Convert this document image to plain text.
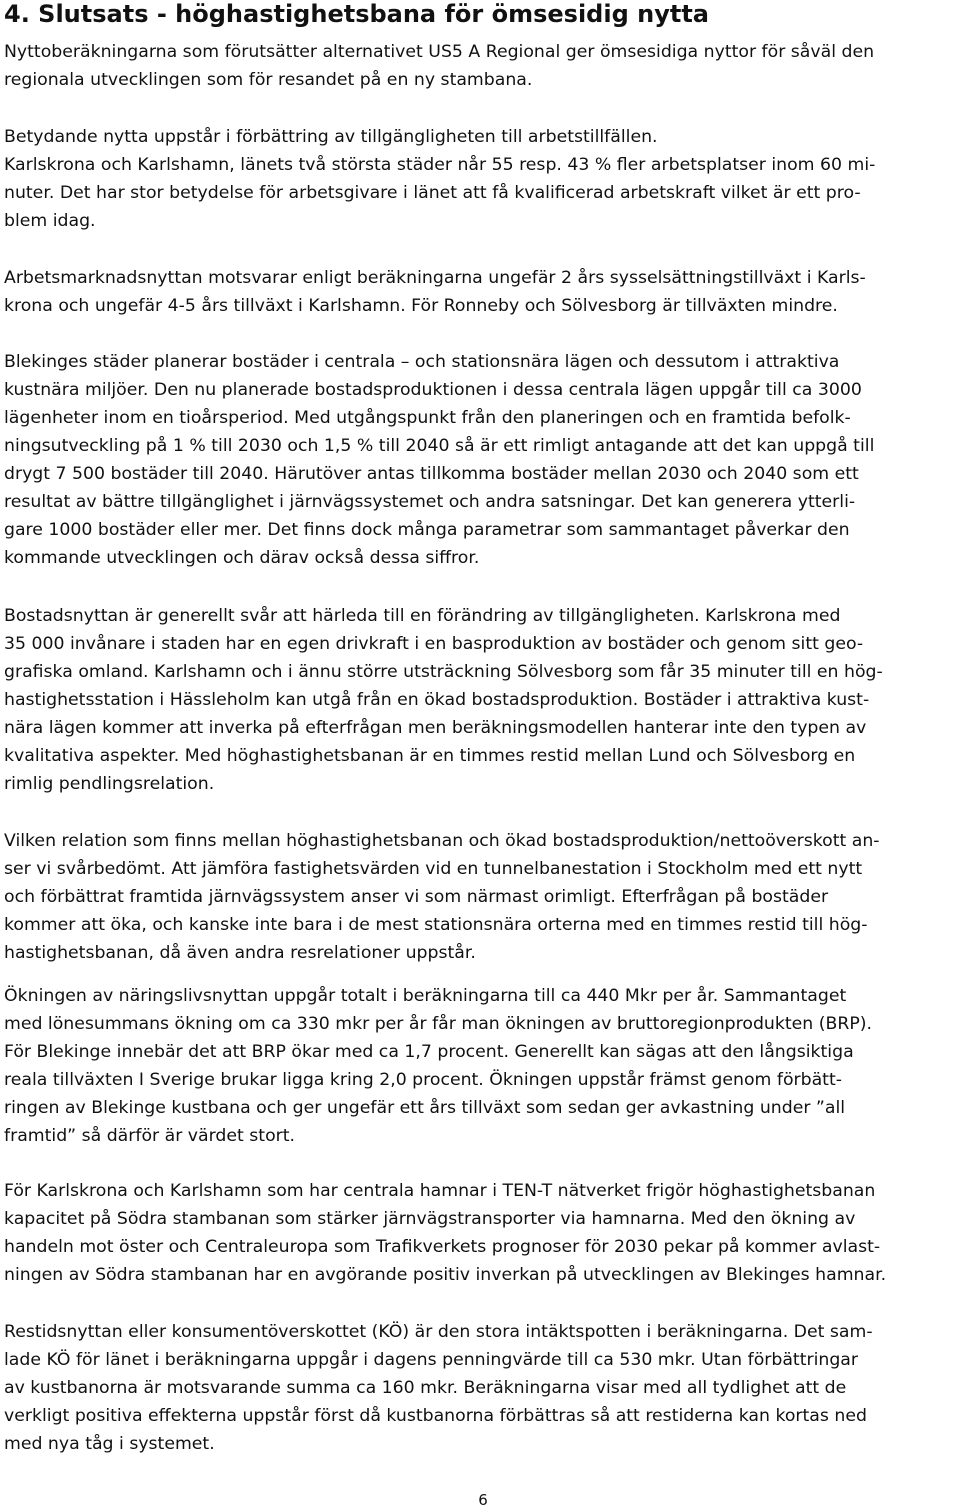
4. Slutsats - höghastighetsbana för ömsesidig nytta
Nyttoberäkningarna som förutsätter alternativet US5 A Regional ger ömsesidiga nyttor för såväl den
regionala utvecklingen som för resandet på en ny stambana.
Betydande nytta uppstår i förbättring av tillgängligheten till arbetstillfällen.
Karlskrona och Karlshamn, länets två största städer når 55 resp. 43 % fler arbetsplatser inom 60 mi-
nuter. Det har stor betydelse för arbetsgivare i länet att få kvalificerad arbetskraft vilket är ett pro-
blem idag.
Arbetsmarknadsnyttan motsvarar enligt beräkningarna ungefär 2 års sysselsättningstillväxt i Karls-
krona och ungefär 4-5 års tillväxt i Karlshamn. För Ronneby och Sölvesborg är tillväxten mindre.
Blekinges städer planerar bostäder i centrala – och stationsnära lägen och dessutom i attraktiva
kustnära miljöer. Den nu planerade bostadsproduktionen i dessa centrala lägen uppgår till ca 3000
lägenheter inom en tioårsperiod. Med utgångspunkt från den planeringen och en framtida befolk-
ningsutveckling på 1 % till 2030 och 1,5 % till 2040 så är ett rimligt antagande att det kan uppgå till
drygt 7 500 bostäder till 2040. Härutöver antas tillkomma bostäder mellan 2030 och 2040 som ett
resultat av bättre tillgänglighet i järnvägssystemet och andra satsningar. Det kan generera ytterli-
gare 1000 bostäder eller mer. Det finns dock många parametrar som sammantaget påverkar den
kommande utvecklingen och därav också dessa siffror.
Bostadsnyttan är generellt svår att härleda till en förändring av tillgängligheten. Karlskrona med
35 000 invånare i staden har en egen drivkraft i en basproduktion av bostäder och genom sitt geo-
grafiska omland. Karlshamn och i ännu större utsträckning Sölvesborg som får 35 minuter till en hög-
hastighetsstation i Hässleholm kan utgå från en ökad bostadsproduktion. Bostäder i attraktiva kust-
nära lägen kommer att inverka på efterfrågan men beräkningsmodellen hanterar inte den typen av
kvalitativa aspekter. Med höghastighetsbanan är en timmes restid mellan Lund och Sölvesborg en
rimlig pendlingsrelation.
Vilken relation som finns mellan höghastighetsbanan och ökad bostadsproduktion/nettoöverskott an-
ser vi svårbedömt. Att jämföra fastighetsvärden vid en tunnelbanestation i Stockholm med ett nytt
och förbättrat framtida järnvägssystem anser vi som närmast orimligt. Efterfrågan på bostäder
kommer att öka, och kanske inte bara i de mest stationsnära orterna med en timmes restid till hög-
hastighetsbanan, då även andra resrelationer uppstår.
Ökningen av näringslivsnyttan uppgår totalt i beräkningarna till ca 440 Mkr per år. Sammantaget
med lönesummans ökning om ca 330 mkr per år får man ökningen av bruttoregionprodukten (BRP).
För Blekinge innebär det att BRP ökar med ca 1,7 procent. Generellt kan sägas att den långsiktiga
reala tillväxten I Sverige brukar ligga kring 2,0 procent. Ökningen uppstår främst genom förbätt-
ringen av Blekinge kustbana och ger ungefär ett års tillväxt som sedan ger avkastning under ”all
framtid” så därför är värdet stort.
För Karlskrona och Karlshamn som har centrala hamnar i TEN-T nätverket frigör höghastighetsbanan
kapacitet på Södra stambanan som stärker järnvägstransporter via hamnarna. Med den ökning av
handeln mot öster och Centraleuropa som Trafikverkets prognoser för 2030 pekar på kommer avlast-
ningen av Södra stambanan har en avgörande positiv inverkan på utvecklingen av Blekinges hamnar.
Restidsnyttan eller konsumentöverskottet (KÖ) är den stora intäktspotten i beräkningarna. Det sam-
lade KÖ för länet i beräkningarna uppgår i dagens penningvärde till ca 530 mkr. Utan förbättringar
av kustbanorna är motsvarande summa ca 160 mkr. Beräkningarna visar med all tydlighet att de
verkligt positiva effekterna uppstår först då kustbanorna förbättras så att restiderna kan kortas ned
med nya tåg i systemet.
6
